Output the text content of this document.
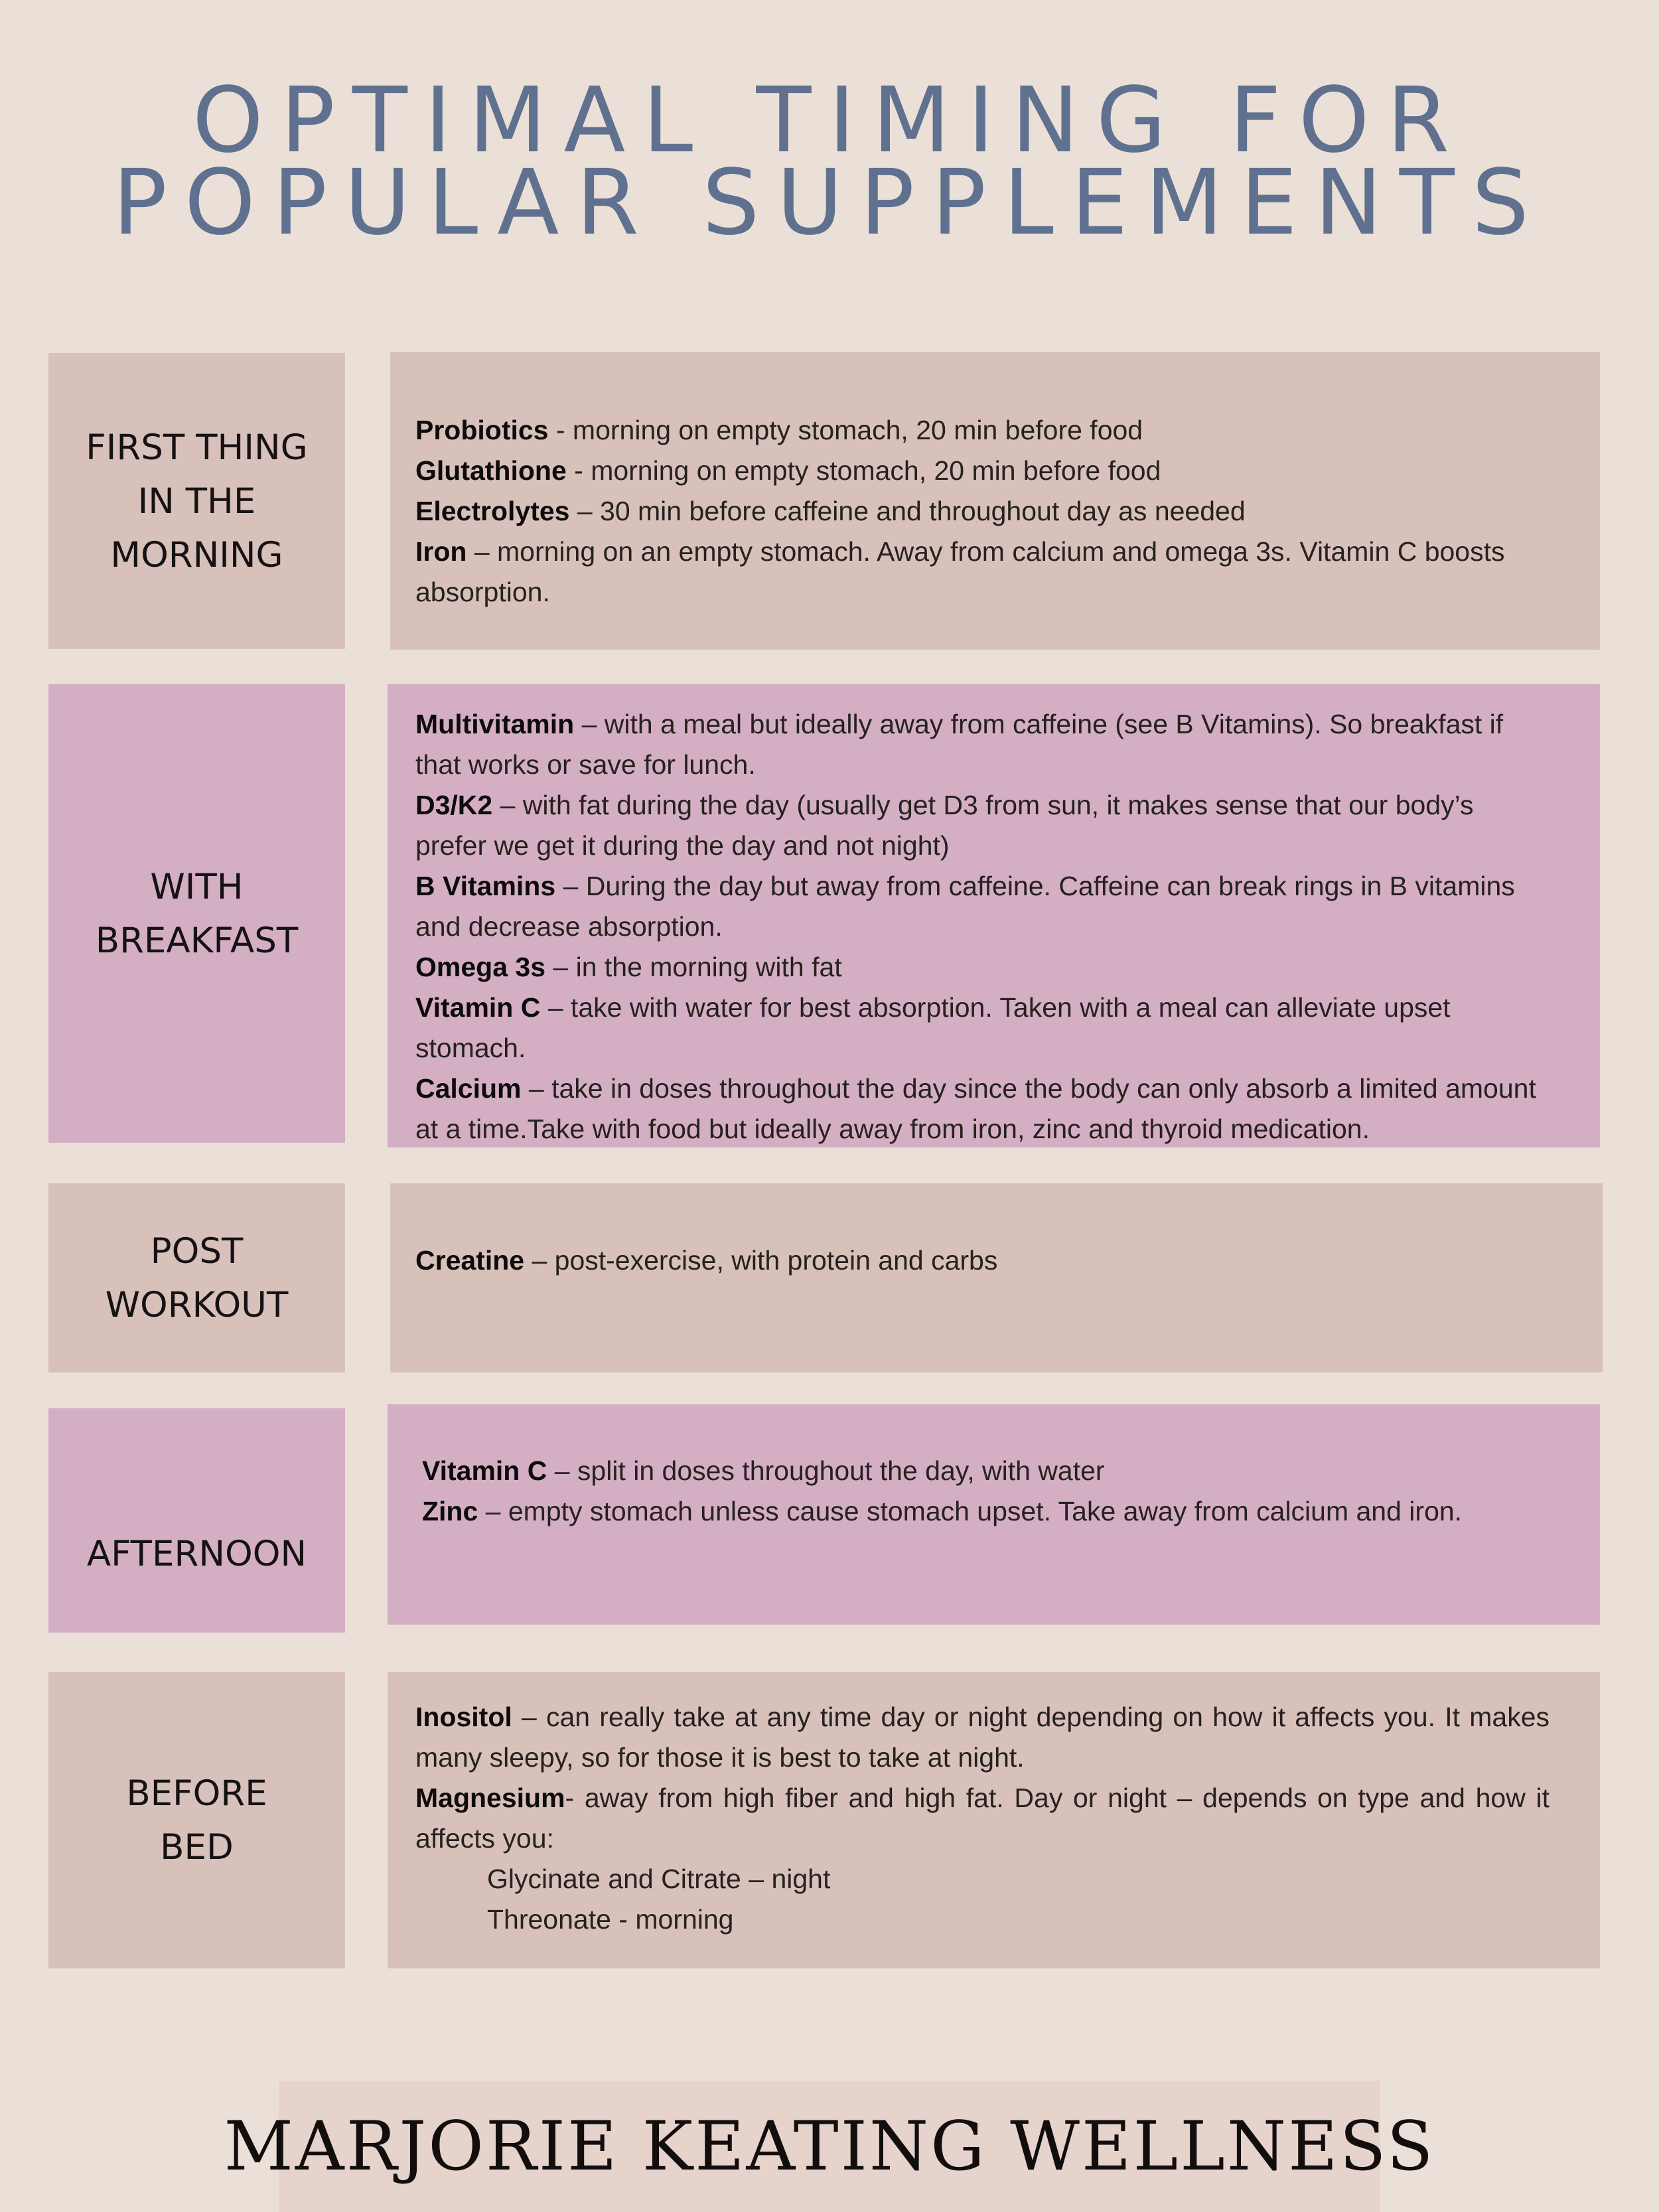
OPTIMAL TIMING FOR
POPULAR SUPPLEMENTS
FIRST THING
IN THE
MORNING
Probiotics - morning on empty stomach, 20 min before food
Glutathione - morning on empty stomach, 20 min before food
Electrolytes – 30 min before caffeine and throughout day as needed
Iron – morning on an empty stomach. Away from calcium and omega 3s. Vitamin C boosts absorption.
WITH
BREAKFAST
Multivitamin – with a meal but ideally away from caffeine (see B Vitamins). So breakfast if that works or save for lunch.
D3/K2 – with fat during the day (usually get D3 from sun, it makes sense that our body’s prefer we get it during the day and not night)
B Vitamins – During the day but away from caffeine. Caffeine can break rings in B vitamins and decrease absorption.
Omega 3s – in the morning with fat
Vitamin C – take with water for best absorption. Taken with a meal can alleviate upset stomach.
Calcium – take in doses throughout the day since the body can only absorb a limited amount at a time.Take with food but ideally away from iron, zinc and thyroid medication.
POST
WORKOUT
Creatine – post-exercise, with protein and carbs
AFTERNOON
Vitamin C – split in doses throughout the day, with water
Zinc – empty stomach unless cause stomach upset. Take away from calcium and iron.
BEFORE
BED
Inositol – can really take at any time day or night depending on how it affects you. It makes many sleepy, so for those it is best to take at night.
Magnesium- away from high fiber and high fat. Day or night – depends on type and how it affects you:
Glycinate and Citrate – night
Threonate - morning
MARJORIE KEATING WELLNESS
